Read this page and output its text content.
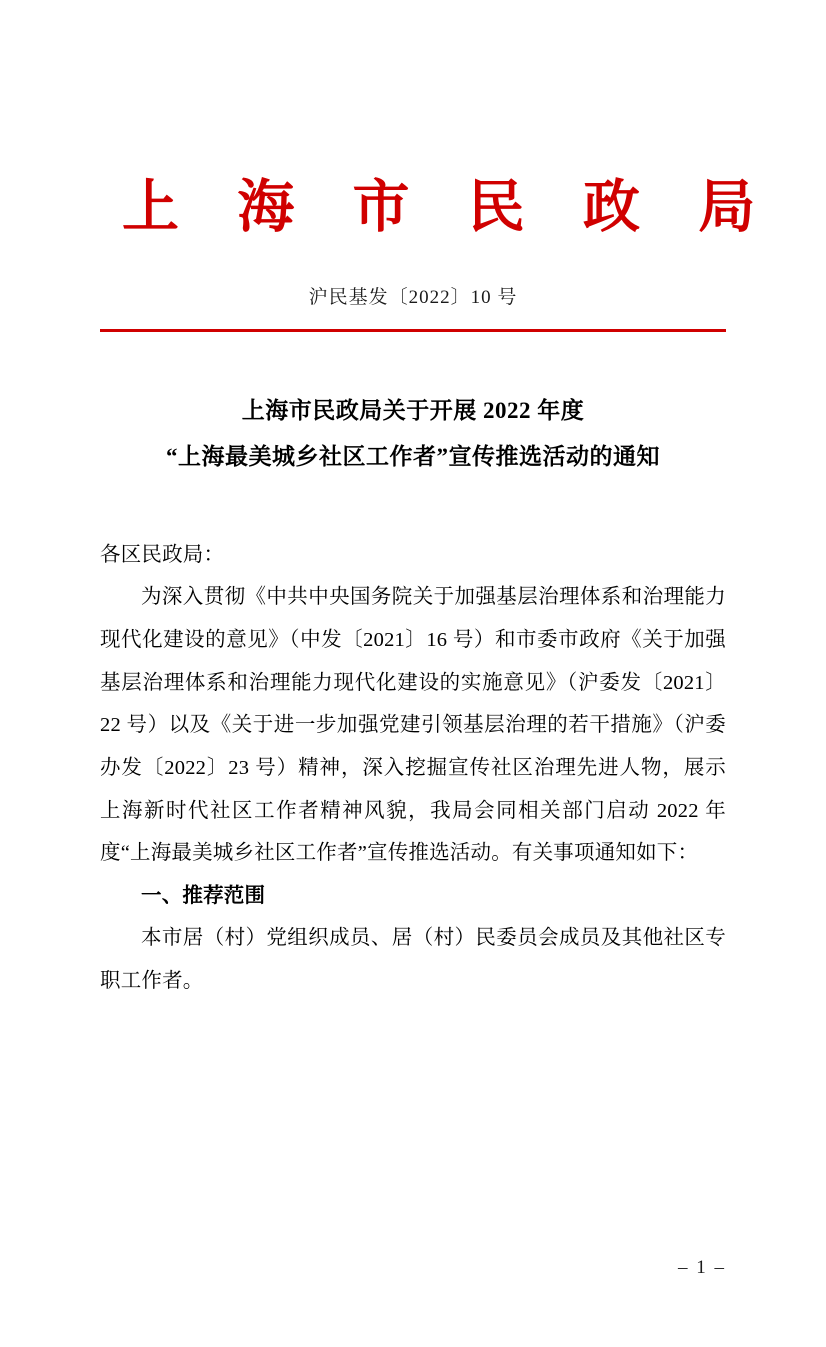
上 海 市 民 政 局
沪民基发〔2022〕10 号
上海市民政局关于开展 2022 年度
“上海最美城乡社区工作者”宣传推选活动的通知

各区民政局：

为深入贯彻《中共中央国务院关于加强基层治理体系和治理能力现代化建设的意见》（中发〔2021〕16 号）和市委市政府《关于加强基层治理体系和治理能力现代化建设的实施意见》（沪委发〔2021〕22 号）以及《关于进一步加强党建引领基层治理的若干措施》（沪委办发〔2022〕23 号）精神，深入挖掘宣传社区治理先进人物，展示上海新时代社区工作者精神风貌，我局会同相关部门启动 2022 年度“上海最美城乡社区工作者”宣传推选活动。有关事项通知如下：

一、推荐范围

本市居（村）党组织成员、居（村）民委员会成员及其他社区专职工作者。

– 1 –
